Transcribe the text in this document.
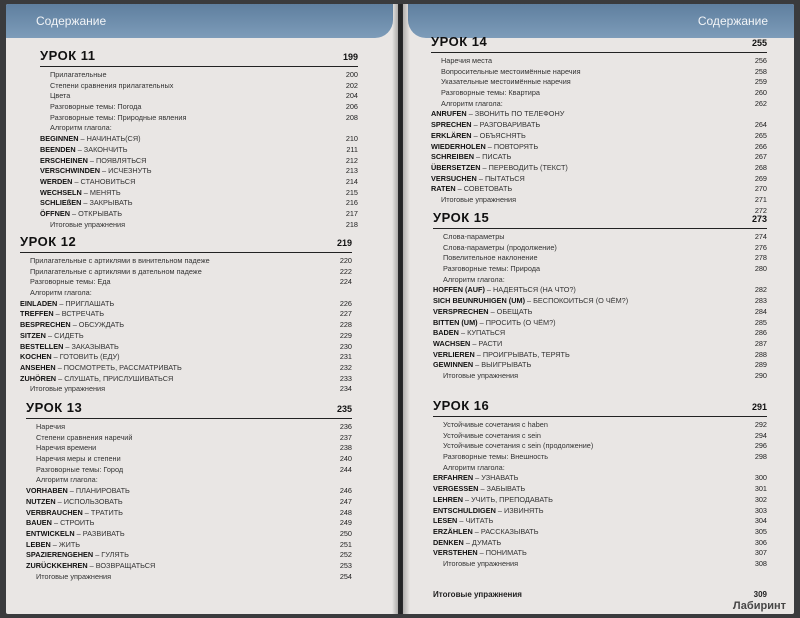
Содержание
УРОК 11	199
Прилагательные	200
Степени сравнения прилагательных	202
Цвета	204
Разговорные темы: Погода	206
Разговорные темы: Природные явления	208
Алгоритм глагола:
BEGINNEN – НАЧИНАТЬ(СЯ)	210
BEENDEN – ЗАКОНЧИТЬ	211
ERSCHEINEN – ПОЯВЛЯТЬСЯ	212
VERSCHWINDEN – ИСЧЕЗНУТЬ	213
WERDEN – СТАНОВИТЬСЯ	214
WECHSELN – МЕНЯТЬ	215
SCHLIEßEN – ЗАКРЫВАТЬ	216
ÖFFNEN – ОТКРЫВАТЬ	217
Итоговые упражнения	218
УРОК 12	219
Прилагательные с артиклями в винительном падеже	220
Прилагательные с артиклями в дательном падеже	222
Разговорные темы: Еда	224
Алгоритм глагола:
EINLADEN – ПРИГЛАШАТЬ	226
TREFFEN – ВСТРЕЧАТЬ	227
BESPRECHEN – ОБСУЖДАТЬ	228
SITZEN – СИДЕТЬ	229
BESTELLEN – ЗАКАЗЫВАТЬ	230
KOCHEN – ГОТОВИТЬ (ЕДУ)	231
ANSEHEN – ПОСМОТРЕТЬ, РАССМАТРИВАТЬ	232
ZUHÖREN – СЛУШАТЬ, ПРИСЛУШИВАТЬСЯ	233
Итоговые упражнения	234
УРОК 13	235
Наречия	236
Степени сравнения наречий	237
Наречия времени	238
Наречия меры и степени	240
Разговорные темы: Город	244
Алгоритм глагола:
VORHABEN – ПЛАНИРОВАТЬ	246
NUTZEN – ИСПОЛЬЗОВАТЬ	247
VERBRAUCHEN – ТРАТИТЬ	248
BAUEN – СТРОИТЬ	249
ENTWICKELN – РАЗВИВАТЬ	250
LEBEN – ЖИТЬ	251
SPAZIERENGEHEN – ГУЛЯТЬ	252
ZURÜCKKEHREN – ВОЗВРАЩАТЬСЯ	253
Итоговые упражнения	254
Содержание
УРОК 14	255
Наречия места	256
Вопросительные местоимённые наречия	258
Указательные местоимённые наречия	259
Разговорные темы: Квартира	260
Алгоритм глагола:	262
ANRUFEN – ЗВОНИТЬ ПО ТЕЛЕФОНУ
SPRECHEN – РАЗГОВАРИВАТЬ	264
ERKLÄREN – ОБЪЯСНЯТЬ	265
WIEDERHOLEN – ПОВТОРЯТЬ	266
SCHREIBEN – ПИСАТЬ	267
ÜBERSETZEN – ПЕРЕВОДИТЬ (ТЕКСТ)	268
VERSUCHEN – ПЫТАТЬСЯ	269
RATEN – СОВЕТОВАТЬ	270
Итоговые упражнения	271
272
УРОК 15	273
Слова-параметры	274
Слова-параметры (продолжение)	276
Повелительное наклонение	278
Разговорные темы: Природа	280
Алгоритм глагола:
HOFFEN (AUF) – НАДЕЯТЬСЯ (НА ЧТО?)	282
SICH BEUNRUHIGEN (UM) – БЕСПОКОИТЬСЯ (О ЧЁМ?)	283
VERSPRECHEN – ОБЕЩАТЬ	284
BITTEN (UM) – ПРОСИТЬ (О ЧЁМ?)	285
BADEN – КУПАТЬСЯ	286
WACHSEN – РАСТИ	287
VERLIEREN – ПРОИГРЫВАТЬ, ТЕРЯТЬ	288
GEWINNEN – ВЫИГРЫВАТЬ	289
Итоговые упражнения	290
УРОК 16	291
Устойчивые сочетания с haben	292
Устойчивые сочетания с sein	294
Устойчивые сочетания с sein (продолжение)	296
Разговорные темы: Внешность	298
Алгоритм глагола:
ERFAHREN – УЗНАВАТЬ	300
VERGESSEN – ЗАБЫВАТЬ	301
LEHREN – УЧИТЬ, ПРЕПОДАВАТЬ	302
ENTSCHULDIGEN – ИЗВИНЯТЬ	303
LESEN – ЧИТАТЬ	304
ERZÄHLEN – РАССКАЗЫВАТЬ	305
DENKEN – ДУМАТЬ	306
VERSTEHEN – ПОНИМАТЬ	307
Итоговые упражнения	308
Итоговые упражнения	309
Лабиринт
